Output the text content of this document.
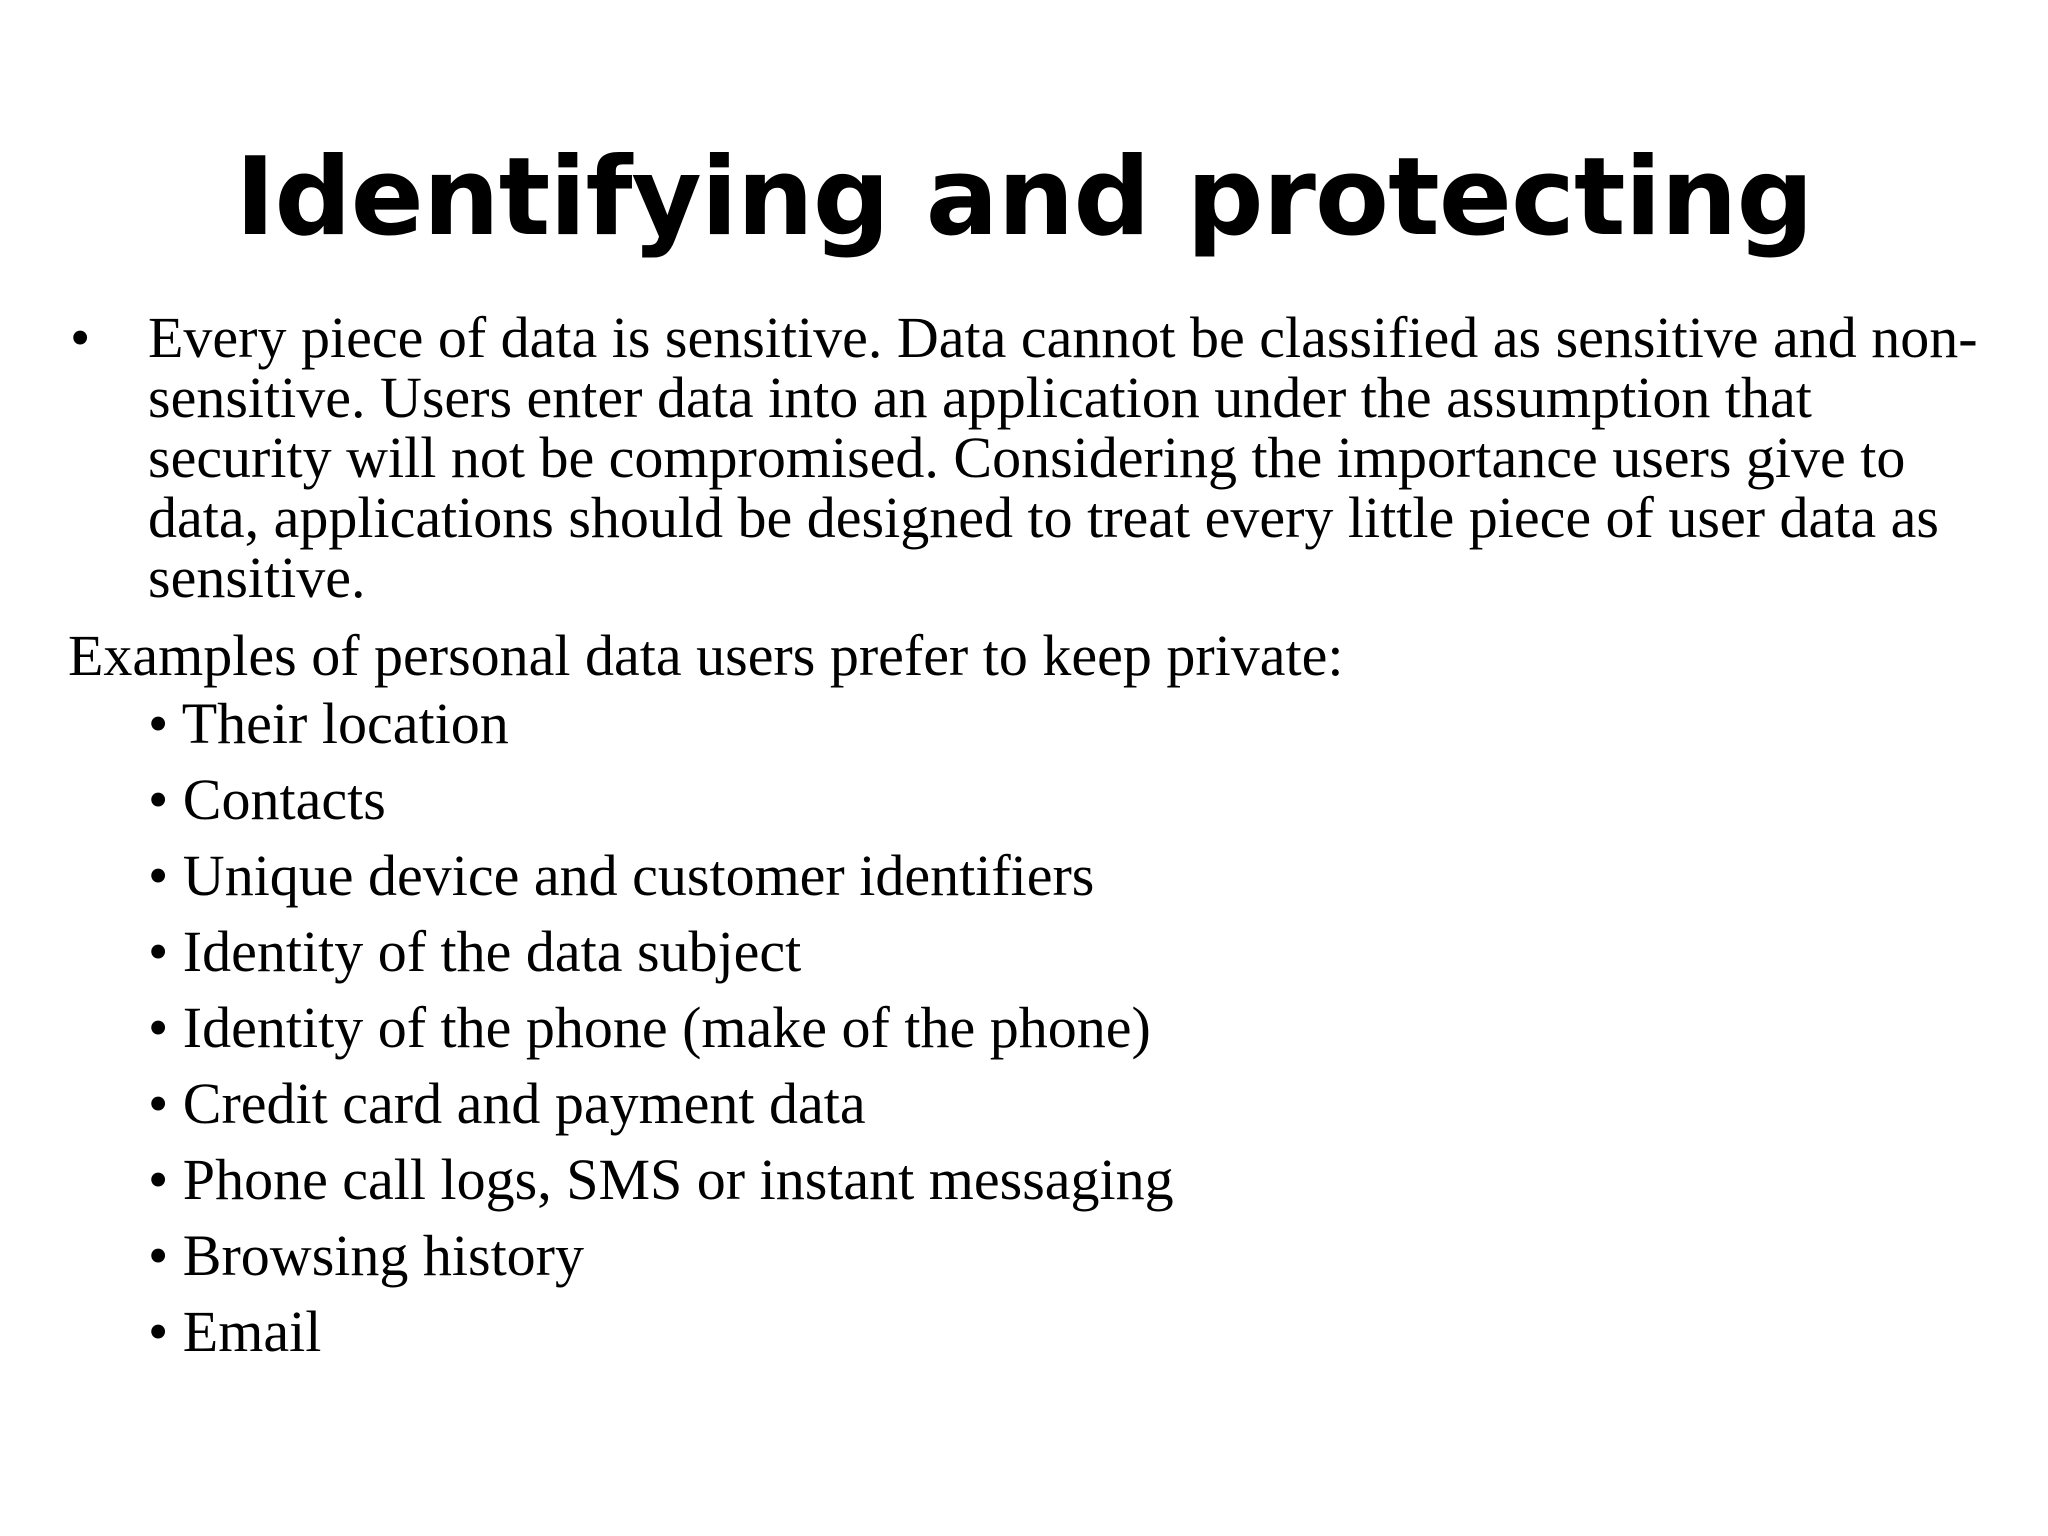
Identifying and protecting

• Every piece of data is sensitive. Data cannot be classified as sensitive and non-sensitive. Users enter data into an application under the assumption that security will not be compromised. Considering the importance users give to data, applications should be designed to treat every little piece of user data as sensitive.

Examples of personal data users prefer to keep private:

• Their location
• Contacts
• Unique device and customer identifiers
• Identity of the data subject
• Identity of the phone (make of the phone)
• Credit card and payment data
• Phone call logs, SMS or instant messaging
• Browsing history
• Email
